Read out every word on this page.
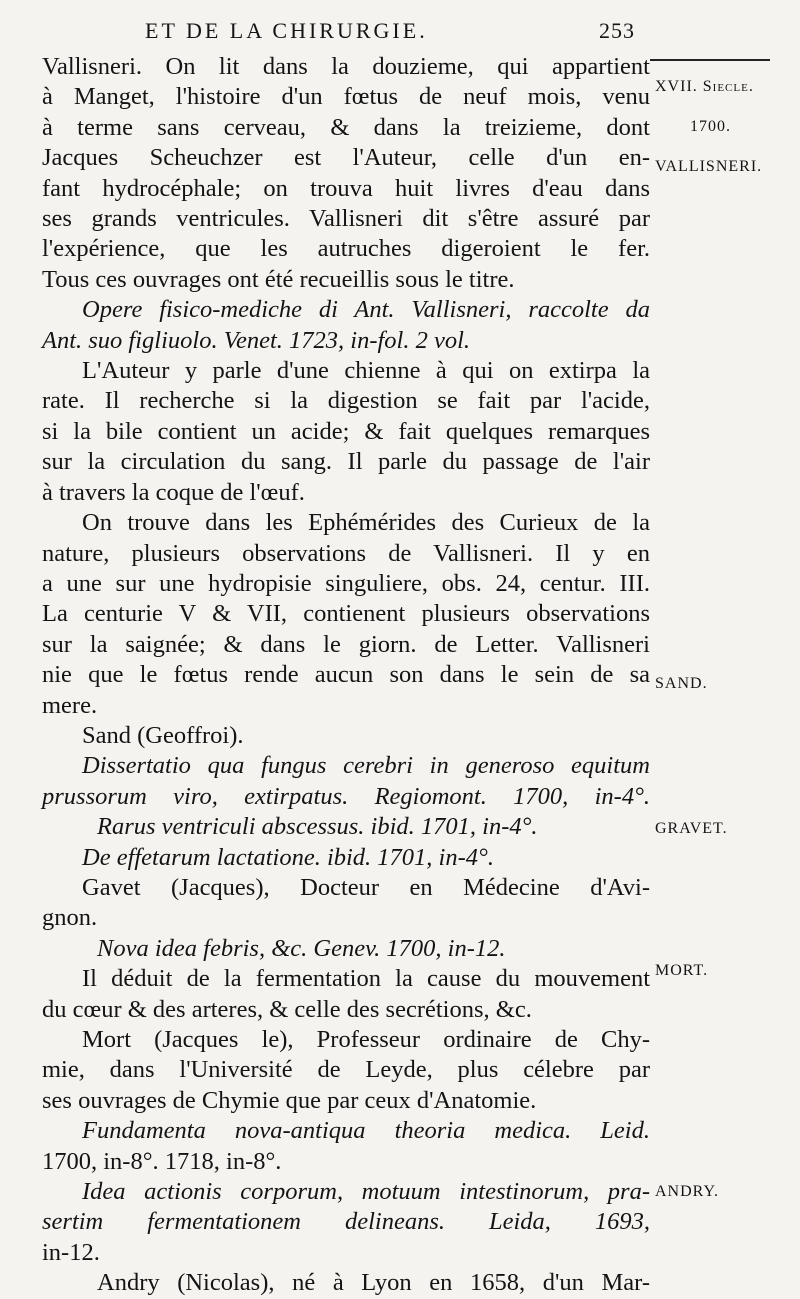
ET DE LA CHIRURGIE.	253
Vallisneri. On lit dans la douzieme, qui appartient
à Manget, l'histoire d'un fœtus de neuf mois, venu
à terme sans cerveau, & dans la treizieme, dont
Jacques Scheuchzer est l'Auteur, celle d'un en-
fant hydrocéphale; on trouva huit livres d'eau dans
ses grands ventricules. Vallisneri dit s'être assuré par
l'expérience, que les autruches digeroient le fer.
Tous ces ouvrages ont été recueillis sous le titre.
Opere fisico-mediche di Ant. Vallisneri, raccolte da
Ant. suo figliuolo. Venet. 1723, in-fol. 2 vol.
L'Auteur y parle d'une chienne à qui on extirpa la
rate. Il recherche si la digestion se fait par l'acide,
si la bile contient un acide; & fait quelques remarques
sur la circulation du sang. Il parle du passage de l'air
à travers la coque de l'œuf.
On trouve dans les Ephémérides des Curieux de la
nature, plusieurs observations de Vallisneri. Il y en
a une sur une hydropisie singuliere, obs. 24, centur. III.
La centurie V & VII, contienent plusieurs observations
sur la saignée; & dans le giorn. de Letter. Vallisneri
nie que le fœtus rende aucun son dans le sein de sa
mere.
Sand (Geoffroi).
Dissertatio qua fungus cerebri in generoso equitum
prussorum viro, extirpatus. Regiomont. 1700, in-4°.
Rarus ventriculi abscessus. ibid. 1701, in-4°.
De effetarum lactatione. ibid. 1701, in-4°.
Gavet (Jacques), Docteur en Médecine d'Avi-
gnon.
Nova idea febris, &c. Genev. 1700, in-12.
Il déduit de la fermentation la cause du mouvement
du cœur & des arteres, & celle des secrétions, &c.
Mort (Jacques le), Professeur ordinaire de Chy-
mie, dans l'Université de Leyde, plus célebre par
ses ouvrages de Chymie que par ceux d'Anatomie.
Fundamenta nova-antiqua theoria medica. Leid.
1700, in-8°. 1718, in-8°.
Idea actionis corporum, motuum intestinorum, pra-
sertim fermentationem delineans. Leida, 1693,
in-12.
Andry (Nicolas), né à Lyon en 1658, d'un Mar-
XVII. Siecle.
1700.
VALLISNERI.
SAND.
GRAVET.
MORT.
ANDRY.
